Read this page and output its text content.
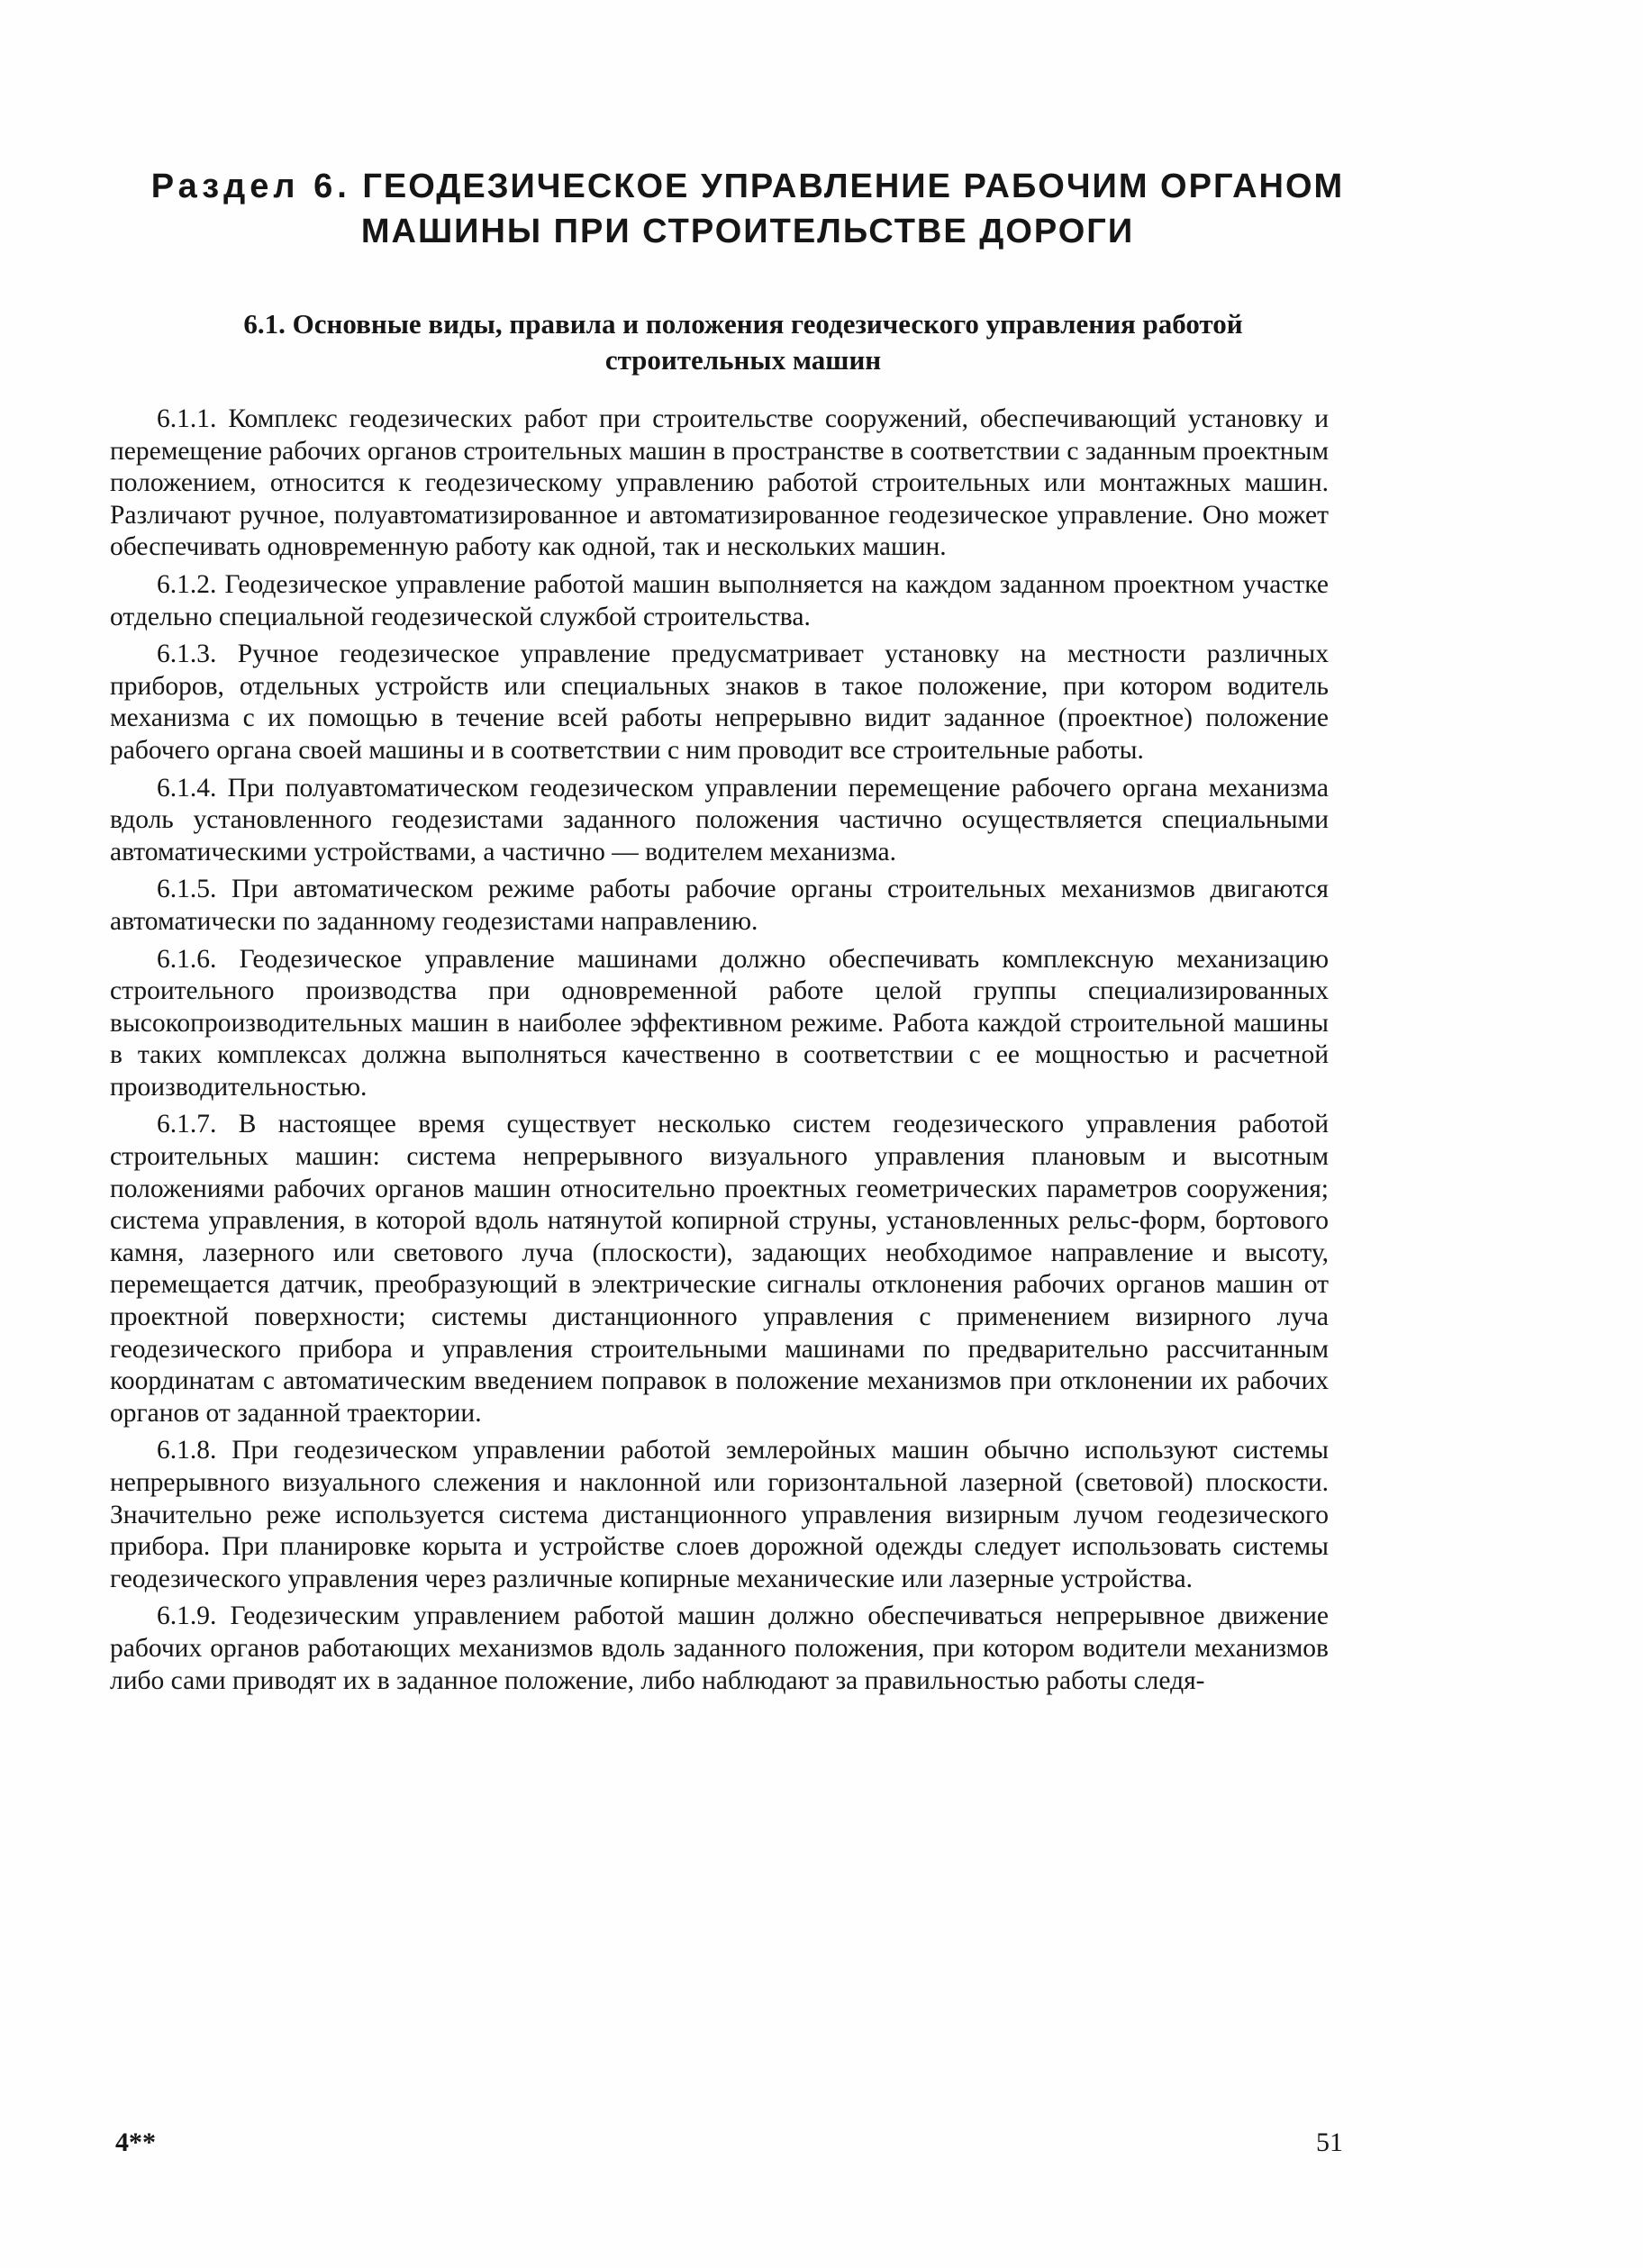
Раздел 6. ГЕОДЕЗИЧЕСКОЕ УПРАВЛЕНИЕ РАБОЧИМ ОРГАНОМ
МАШИНЫ ПРИ СТРОИТЕЛЬСТВЕ ДОРОГИ
6.1. Основные виды, правила и положения геодезического управления работой
строительных машин

6.1.1. Комплекс геодезических работ при строительстве сооружений, обеспечивающий установку и перемещение рабочих органов строительных машин в пространстве в соответствии с заданным проектным положением, относится к геодезическому управлению работой строительных или монтажных машин. Различают ручное, полуавтоматизированное и автоматизированное геодезическое управление. Оно может обеспечивать одновременную работу как одной, так и нескольких машин.

6.1.2. Геодезическое управление работой машин выполняется на каждом заданном проектном участке отдельно специальной геодезической службой строительства.

6.1.3. Ручное геодезическое управление предусматривает установку на местности различных приборов, отдельных устройств или специальных знаков в такое положение, при котором водитель механизма с их помощью в течение всей работы непрерывно видит заданное (проектное) положение рабочего органа своей машины и в соответствии с ним проводит все строительные работы.

6.1.4. При полуавтоматическом геодезическом управлении перемещение рабочего органа механизма вдоль установленного геодезистами заданного положения частично осуществляется специальными автоматическими устройствами, а частично — водителем механизма.

6.1.5. При автоматическом режиме работы рабочие органы строительных механизмов двигаются автоматически по заданному геодезистами направлению.

6.1.6. Геодезическое управление машинами должно обеспечивать комплексную механизацию строительного производства при одновременной работе целой группы специализированных высокопроизводительных машин в наиболее эффективном режиме. Работа каждой строительной машины в таких комплексах должна выполняться качественно в соответствии с ее мощностью и расчетной производительностью.

6.1.7. В настоящее время существует несколько систем геодезического управления работой строительных машин: система непрерывного визуального управления плановым и высотным положениями рабочих органов машин относительно проектных геометрических параметров сооружения; система управления, в которой вдоль натянутой копирной струны, установленных рельс-форм, бортового камня, лазерного или светового луча (плоскости), задающих необходимое направление и высоту, перемещается датчик, преобразующий в электрические сигналы отклонения рабочих органов машин от проектной поверхности; системы дистанционного управления с применением визирного луча геодезического прибора и управления строительными машинами по предварительно рассчитанным координатам с автоматическим введением поправок в положение механизмов при отклонении их рабочих органов от заданной траектории.

6.1.8. При геодезическом управлении работой землеройных машин обычно используют системы непрерывного визуального слежения и наклонной или горизонтальной лазерной (световой) плоскости. Значительно реже используется система дистанционного управления визирным лучом геодезического прибора. При планировке корыта и устройстве слоев дорожной одежды следует использовать системы геодезического управления через различные копирные механические или лазерные устройства.

6.1.9. Геодезическим управлением работой машин должно обеспечиваться непрерывное движение рабочих органов работающих механизмов вдоль заданного положения, при котором водители механизмов либо сами приводят их в заданное положение, либо наблюдают за правильностью работы следя-

4**	51
